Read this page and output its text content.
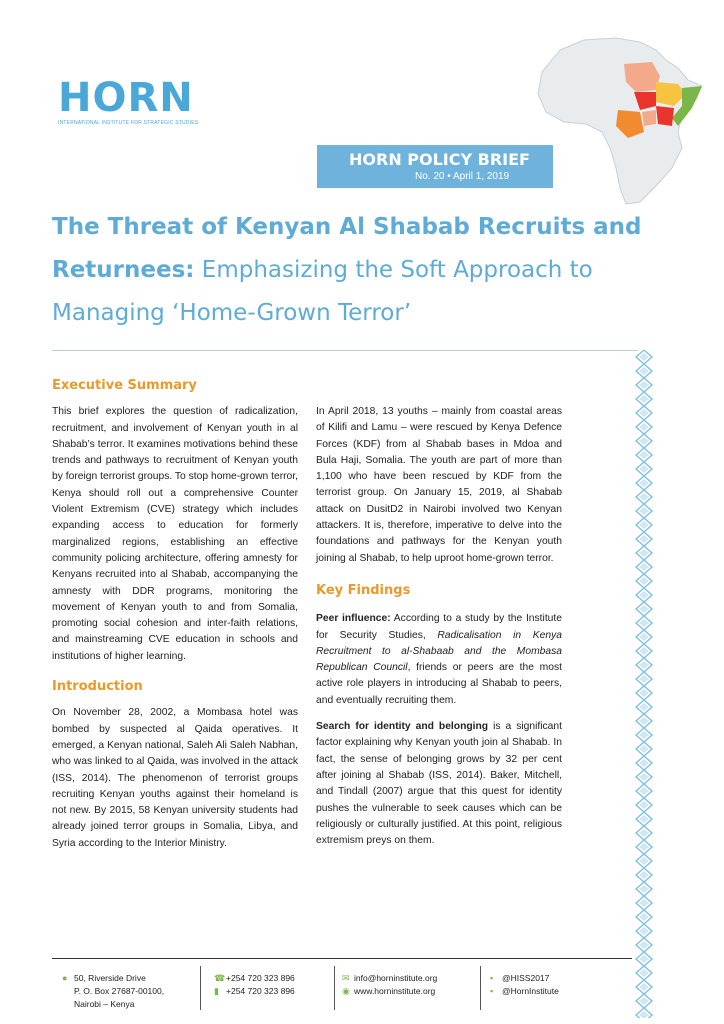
HORN
INTERNATIONAL INSTITUTE FOR STRATEGIC STUDIES
HORN POLICY BRIEF
No. 20 • April 1, 2019
The Threat of Kenyan Al Shabab Recruits and Returnees: Emphasizing the Soft Approach to Managing ‘Home-Grown Terror’
Executive Summary

This brief explores the question of radicalization, recruitment, and involvement of Kenyan youth in al Shabab’s terror. It examines motivations behind these trends and pathways to recruitment of Kenyan youth by foreign terrorist groups. To stop home-grown terror, Kenya should roll out a comprehensive Counter Violent Extremism (CVE) strategy which includes expanding access to education for formerly marginalized regions, establishing an effective community policing architecture, offering amnesty for Kenyans recruited into al Shabab, accompanying the amnesty with DDR programs, monitoring the movement of Kenyan youth to and from Somalia, promoting social cohesion and inter-faith relations, and mainstreaming CVE education in schools and institutions of higher learning.

Introduction

On November 28, 2002, a Mombasa hotel was bombed by suspected al Qaida operatives. It emerged, a Kenyan national, Saleh Ali Saleh Nabhan, who was linked to al Qaida, was involved in the attack (ISS, 2014). The phenomenon of terrorist groups recruiting Kenyan youths against their homeland is not new. By 2015, 58 Kenyan university students had already joined terror groups in Somalia, Libya, and Syria according to the Interior Ministry.

In April 2018, 13 youths – mainly from coastal areas of Kilifi and Lamu – were rescued by Kenya Defence Forces (KDF) from al Shabab bases in Mdoa and Bula Haji, Somalia. The youth are part of more than 1,100 who have been rescued by KDF from the terrorist group. On January 15, 2019, al Shabab attack on DusitD2 in Nairobi involved two Kenyan attackers. It is, therefore, imperative to delve into the foundations and pathways for the Kenyan youth joining al Shabab, to help uproot home-grown terror.

Key Findings

Peer influence: According to a study by the Institute for Security Studies, Radicalisation in Kenya Recruitment to al-Shabaab and the Mombasa Republican Council, friends or peers are the most active role players in introducing al Shabab to peers, and eventually recruiting them.

Search for identity and belonging is a significant factor explaining why Kenyan youth join al Shabab. In fact, the sense of belonging grows by 32 per cent after joining al Shabab (ISS, 2014). Baker, Mitchell, and Tindall (2007) argue that this quest for identity pushes the vulnerable to seek causes which can be religiously or culturally justified. At this point, religious extremism preys on them.

● 50, Riverside Drive
P. O. Box 27687-00100,
Nairobi – Kenya
☎+254 720 323 896
▮ +254 720 323 896
✉ info@horninstitute.org
◉ www.horninstitute.org
▪ @HISS2017
▪ @HornInstitute
